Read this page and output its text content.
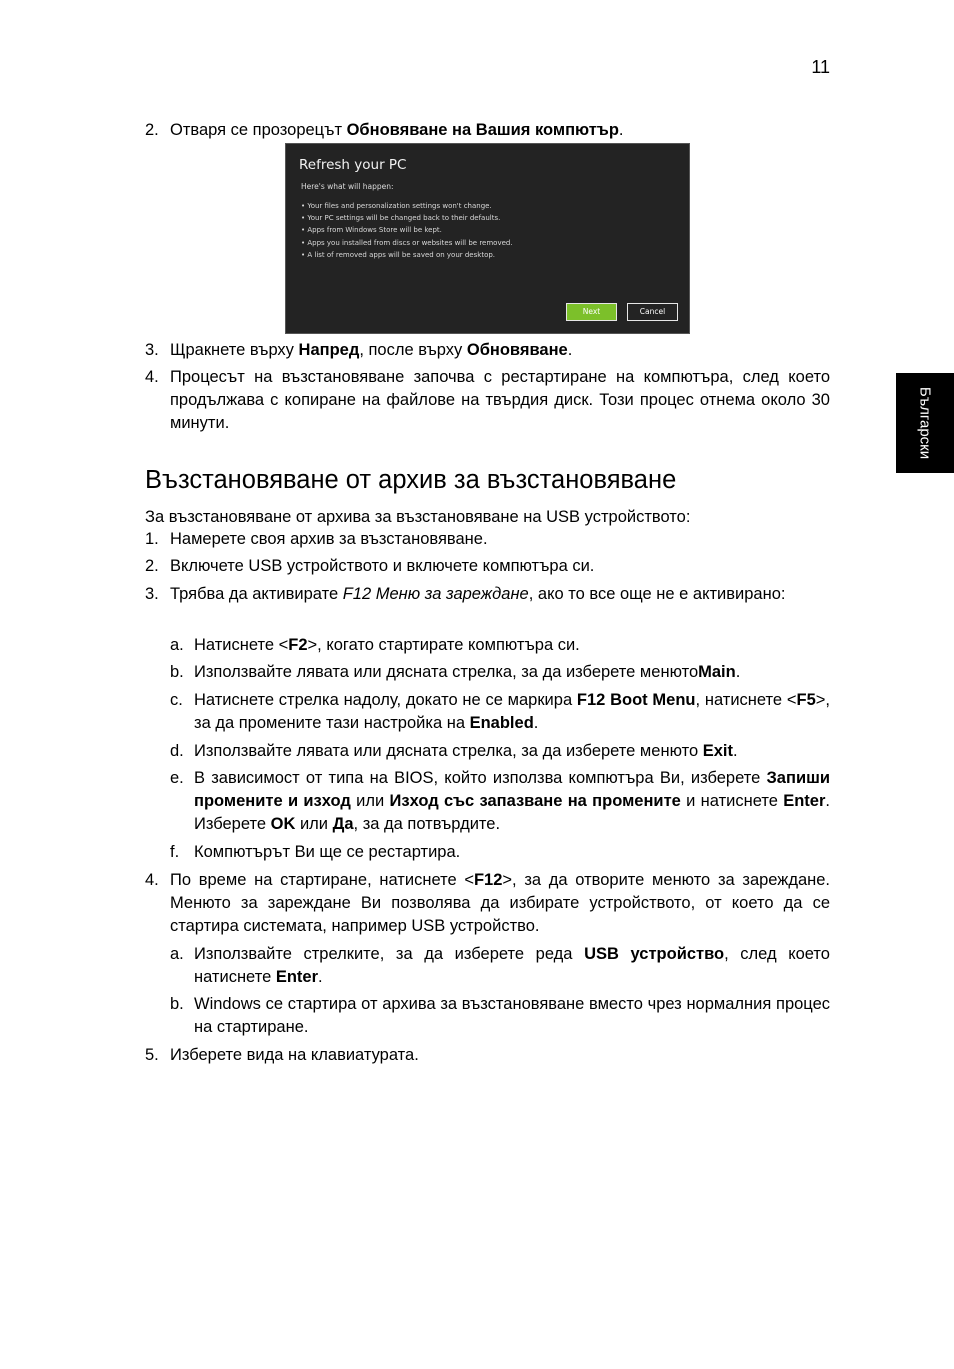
11
Български
2. Отваря се прозорецът Обновяване на Вашия компютър.
Refresh your PC
Here's what will happen:
• Your files and personalization settings won't change.
• Your PC settings will be changed back to their defaults.
• Apps from Windows Store will be kept.
• Apps you installed from discs or websites will be removed.
• A list of removed apps will be saved on your desktop.
Next	Cancel
3. Щракнете върху Напред, после върху Обновяване.
4. Процесът на възстановяване започва с рестартиране на компютъра, след което продължава с копиране на файлове на твърдия диск. Този процес отнема около 30 минути.
Възстановяване от архив за възстановяване
За възстановяване от архива за възстановяване на USB устройството:
1. Намерете своя архив за възстановяване.
2. Включете USB устройството и включете компютъра си.
3. Трябва да активирате F12 Меню за зареждане, ако то все още не е активирано:
a. Натиснете <F2>, когато стартирате компютъра си.
b. Използвайте лявата или дясната стрелка, за да изберете менютоMain.
c. Натиснете стрелка надолу, докато не се маркира F12 Boot Menu, натиснете <F5>, за да промените тази настройка на Enabled.
d. Използвайте лявата или дясната стрелка, за да изберете менюто Exit.
e. В зависимост от типа на BIOS, който използва компютъра Ви, изберете Запиши промените и изход или Изход със запазване на промените и натиснете Enter. Изберете OK или Да, за да потвърдите.
f. Компютърът Ви ще се рестартира.
4. По време на стартиране, натиснете <F12>, за да отворите менюто за зареждане. Менюто за зареждане Ви позволява да избирате устройството, от което да се стартира системата, например USB устройство.
a. Използвайте стрелките, за да изберете реда USB устройство, след което натиснете Enter.
b. Windows се стартира от архива за възстановяване вместо чрез нормалния процес на стартиране.
5. Изберете вида на клавиатурата.
